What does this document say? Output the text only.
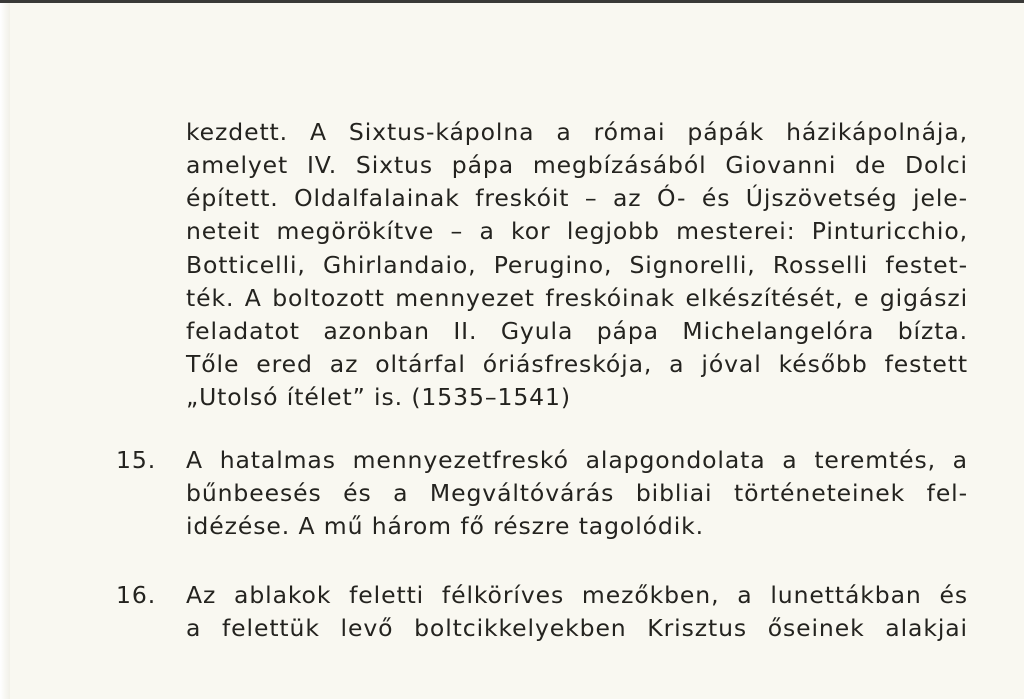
kezdett. A Sixtus-kápolna a római pápák házikápolnája,
amelyet IV. Sixtus pápa megbízásából Giovanni de Dolci
épített. Oldalfalainak freskóit – az Ó- és Újszövetség jele-
neteit megörökítve – a kor legjobb mesterei: Pinturicchio,
Botticelli, Ghirlandaio, Perugino, Signorelli, Rosselli festet-
ték. A boltozott mennyezet freskóinak elkészítését, e gigászi
feladatot azonban II. Gyula pápa Michelangelóra bízta.
Tőle ered az oltárfal óriásfreskója, a jóval később festett
„Utolsó ítélet” is. (1535–1541)
15. A hatalmas mennyezetfreskó alapgondolata a teremtés, a
bűnbeesés és a Megváltóvárás bibliai történeteinek fel-
idézése. A mű három fő részre tagolódik.
16. Az ablakok feletti félköríves mezőkben, a lunettákban és
a felettük levő boltcikkelyekben Krisztus őseinek alakjai
